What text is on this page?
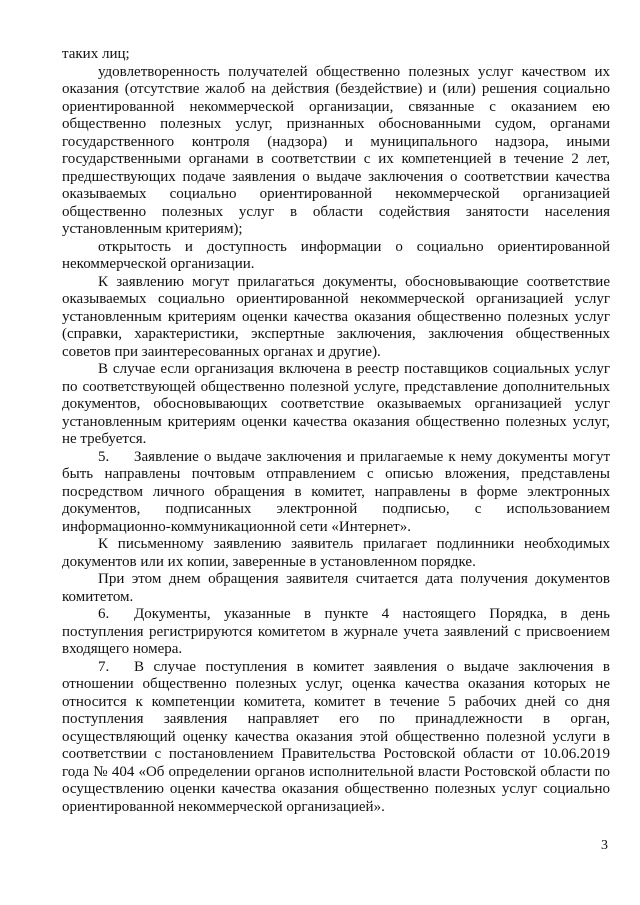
таких лиц;

удовлетворенность получателей общественно полезных услуг качеством их оказания (отсутствие жалоб на действия (бездействие) и (или) решения социально ориентированной некоммерческой организации, связанные с оказанием ею общественно полезных услуг, признанных обоснованными судом, органами государственного контроля (надзора) и муниципального надзора, иными государственными органами в соответствии с их компетенцией в течение 2 лет, предшествующих подаче заявления о выдаче заключения о соответствии качества оказываемых социально ориентированной некоммерческой организацией общественно полезных услуг в области содействия занятости населения установленным критериям);

открытость и доступность информации о социально ориентированной некоммерческой организации.

К заявлению могут прилагаться документы, обосновывающие соответствие оказываемых социально ориентированной некоммерческой организацией услуг установленным критериям оценки качества оказания общественно полезных услуг (справки, характеристики, экспертные заключения, заключения общественных советов при заинтересованных органах и другие).

В случае если организация включена в реестр поставщиков социальных услуг по соответствующей общественно полезной услуге, представление дополнительных документов, обосновывающих соответствие оказываемых организацией услуг установленным критериям оценки качества оказания общественно полезных услуг, не требуется.

5. Заявление о выдаче заключения и прилагаемые к нему документы могут быть направлены почтовым отправлением с описью вложения, представлены посредством личного обращения в комитет, направлены в форме электронных документов, подписанных электронной подписью, с использованием информационно-коммуникационной сети «Интернет».

К письменному заявлению заявитель прилагает подлинники необходимых документов или их копии, заверенные в установленном порядке.

При этом днем обращения заявителя считается дата получения документов комитетом.

6. Документы, указанные в пункте 4 настоящего Порядка, в день поступления регистрируются комитетом в журнале учета заявлений с присвоением входящего номера.

7. В случае поступления в комитет заявления о выдаче заключения в отношении общественно полезных услуг, оценка качества оказания которых не относится к компетенции комитета, комитет в течение 5 рабочих дней со дня поступления заявления направляет его по принадлежности в орган, осуществляющий оценку качества оказания этой общественно полезной услуги в соответствии с постановлением Правительства Ростовской области от 10.06.2019 года № 404 «Об определении органов исполнительной власти Ростовской области по осуществлению оценки качества оказания общественно полезных услуг социально ориентированной некоммерческой организацией».

3
